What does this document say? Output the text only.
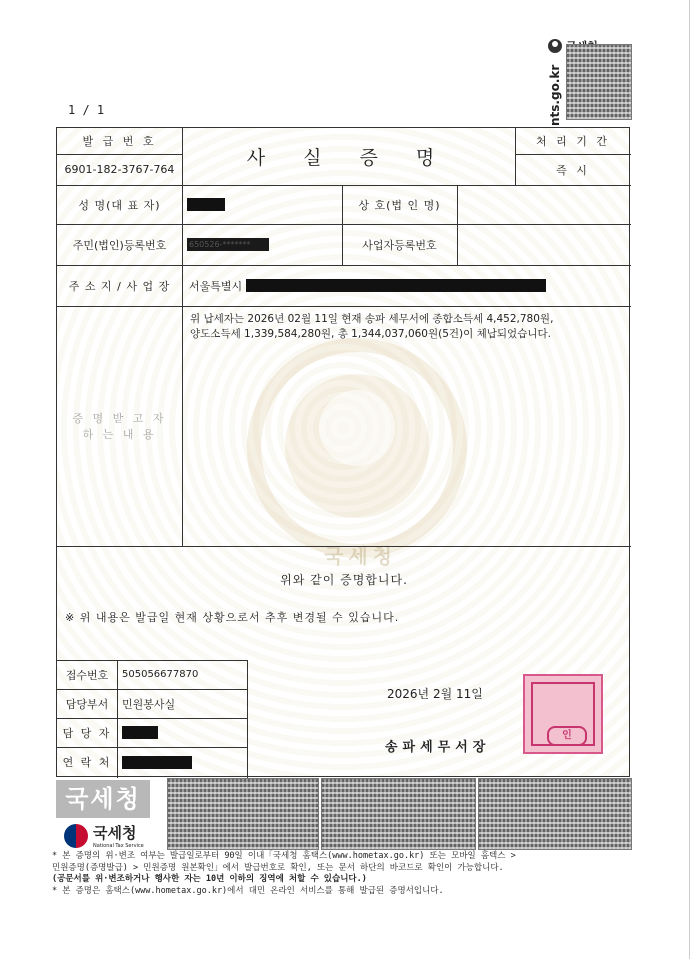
1 / 1	nts.go.kr
국세청
발 급 번 호
6901-182-3767-764
사 실 증 명
처 리 기 간
즉 시
성 명(대 표 자)	상 호(법 인 명)
주민(법인)등록번호	650526-*******	사업자등록번호
주 소 지 / 사 업 장	서울특별시
증 명 받 고 자
하 는 내 용
위 납세자는 2026년 02월 11일 현재 송파 세무서에 종합소득세 4,452,780원,
양도소득세 1,339,584,280원, 총 1,344,037,060원(5건)이 체납되었습니다.
위와 같이 증명합니다.
※ 위 내용은 발급일 현재 상황으로서 추후 변경될 수 있습니다.
접수번호	505056677870
담당부서	민원봉사실
담 당 자
연 락 처
2026년 2월 11일
송파세무서장
인
국세청
국세청
National Tax Service
* 본 증명의 위·변조 여부는 발급일로부터 90일 이내「국세청 홈택스(www.hometax.go.kr) 또는 모바일 홈텍스 >
민원증명(증명발급) > 민원증명 원본확인」에서 발급번호로 확인, 또는 문서 하단의 바코드로 확인이 가능합니다.
(공문서를 위·변조하거나 행사한 자는 10년 이하의 징역에 처할 수 있습니다.)
* 본 증명은 홈택스(www.hometax.go.kr)에서 대민 온라인 서비스를 통해 발급된 증명서입니다.
